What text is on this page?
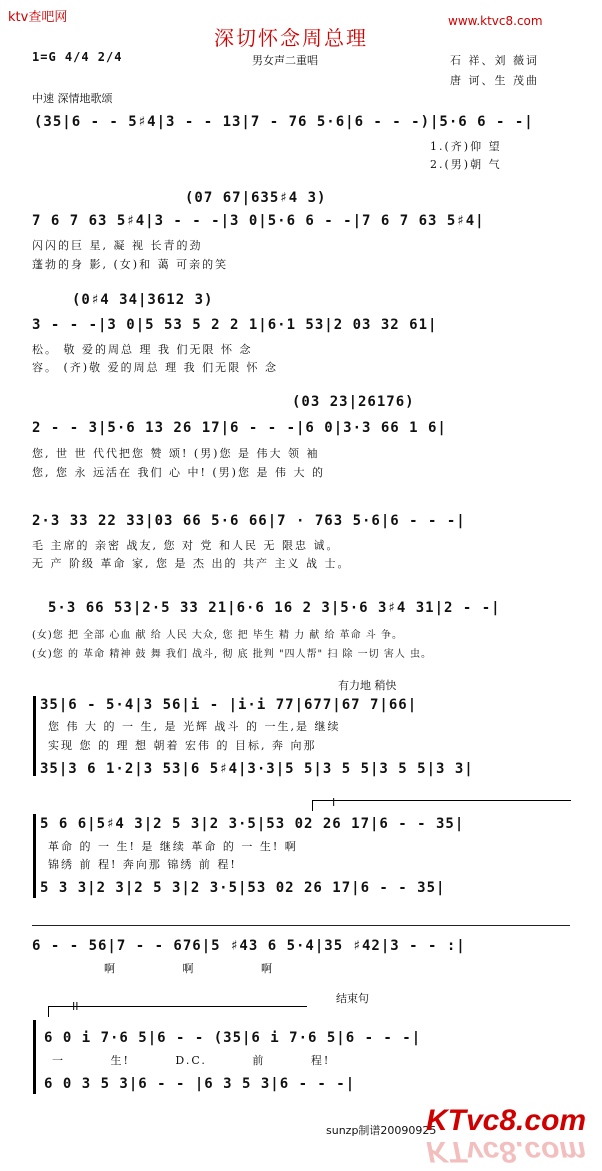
ktv查吧网	www.ktvc8.com
深切怀念周总理
1=G 4/4 2/4	男女声二重唱	石 祥、刘 薇词
唐 诃、生 茂曲
中速 深情地歌颂
(35|6 - - 5♯4|3 - - 13|7 - 76 5·6|6 - - -)|5·6 6 - -|
1.(齐)仰 望
2.(男)朝 气
(07 67|635♯4 3)
7 6 7 63 5♯4|3 - - -|3 0|5·6 6 - -|7 6 7 63 5♯4|
闪闪的巨 星, 凝 视 长青的劲
蓬勃的身 影, (女)和 蔼 可亲的笑
(0♯4 34|3612 3)
3 - - -|3 0|5 53 5 2 2 1|6·1 53|2 03 32 61|
松。 敬 爱的周总 理 我 们无限 怀 念
容。 (齐)敬 爱的周总 理 我 们无限 怀 念
(03 23|26176)
2 - - 3|5·6 13 26 17|6 - - -|6 0|3·3 66 1 6|
您, 世 世 代代把您 赞 颂! (男)您 是 伟大 领 袖
您, 您 永 远活在 我们 心 中! (男)您 是 伟 大 的
2·3 33 22 33|03 66 5·6 66|7 · 763 5·6|6 - - -|
毛 主席的 亲密 战友, 您 对 党 和人民 无 限忠 诚。
无 产 阶级 革命 家, 您 是 杰 出的 共产 主义 战 士。
5·3 66 53|2·5 33 21|6·6 16 2 3|5·6 3♯4 31|2 - -|
(女)您 把 全部 心血 献 给 人民 大众, 您 把 毕生 精 力 献 给 革命 斗 争。
(女)您 的 革命 精神 鼓 舞 我们 战斗, 彻 底 批判 "四人帮" 扫 除 一切 害人 虫。
有力地 稍快
35|6 - 5·4|3 56|i - |i·i 77|677|67 7|66|
您 伟 大 的 一 生, 是 光辉 战斗 的 一生,是 继续
实现 您 的 理 想 朝着 宏伟 的 目标, 奔 向那
35|3 6 1·2|3 53|6 5♯4|3·3|5 5|3 5 5|3 5 5|3 3|
I
5 6 6|5♯4 3|2 5 3|2 3·5|53 02 26 17|6 - - 35|
革命 的 一 生! 是 继续 革命 的 一 生! 啊
锦绣 前 程! 奔向那 锦绣 前 程!
5 3 3|2 3|2 5 3|2 3·5|53 02 26 17|6 - - 35|
6 - - 56|7 - - 676|5 ♯43 6 5·4|35 ♯42|3 - - :|
啊 啊 啊
结束句
II
6 0 i 7·6 5|6 - - (35|6 i 7·6 5|6 - - -|
一 生! D.C. 前 程!
6 0 3 5 3|6 - - |6 3 5 3|6 - - -|
sunzp制谱20090925
KTvc8.com
KTvc8.com
